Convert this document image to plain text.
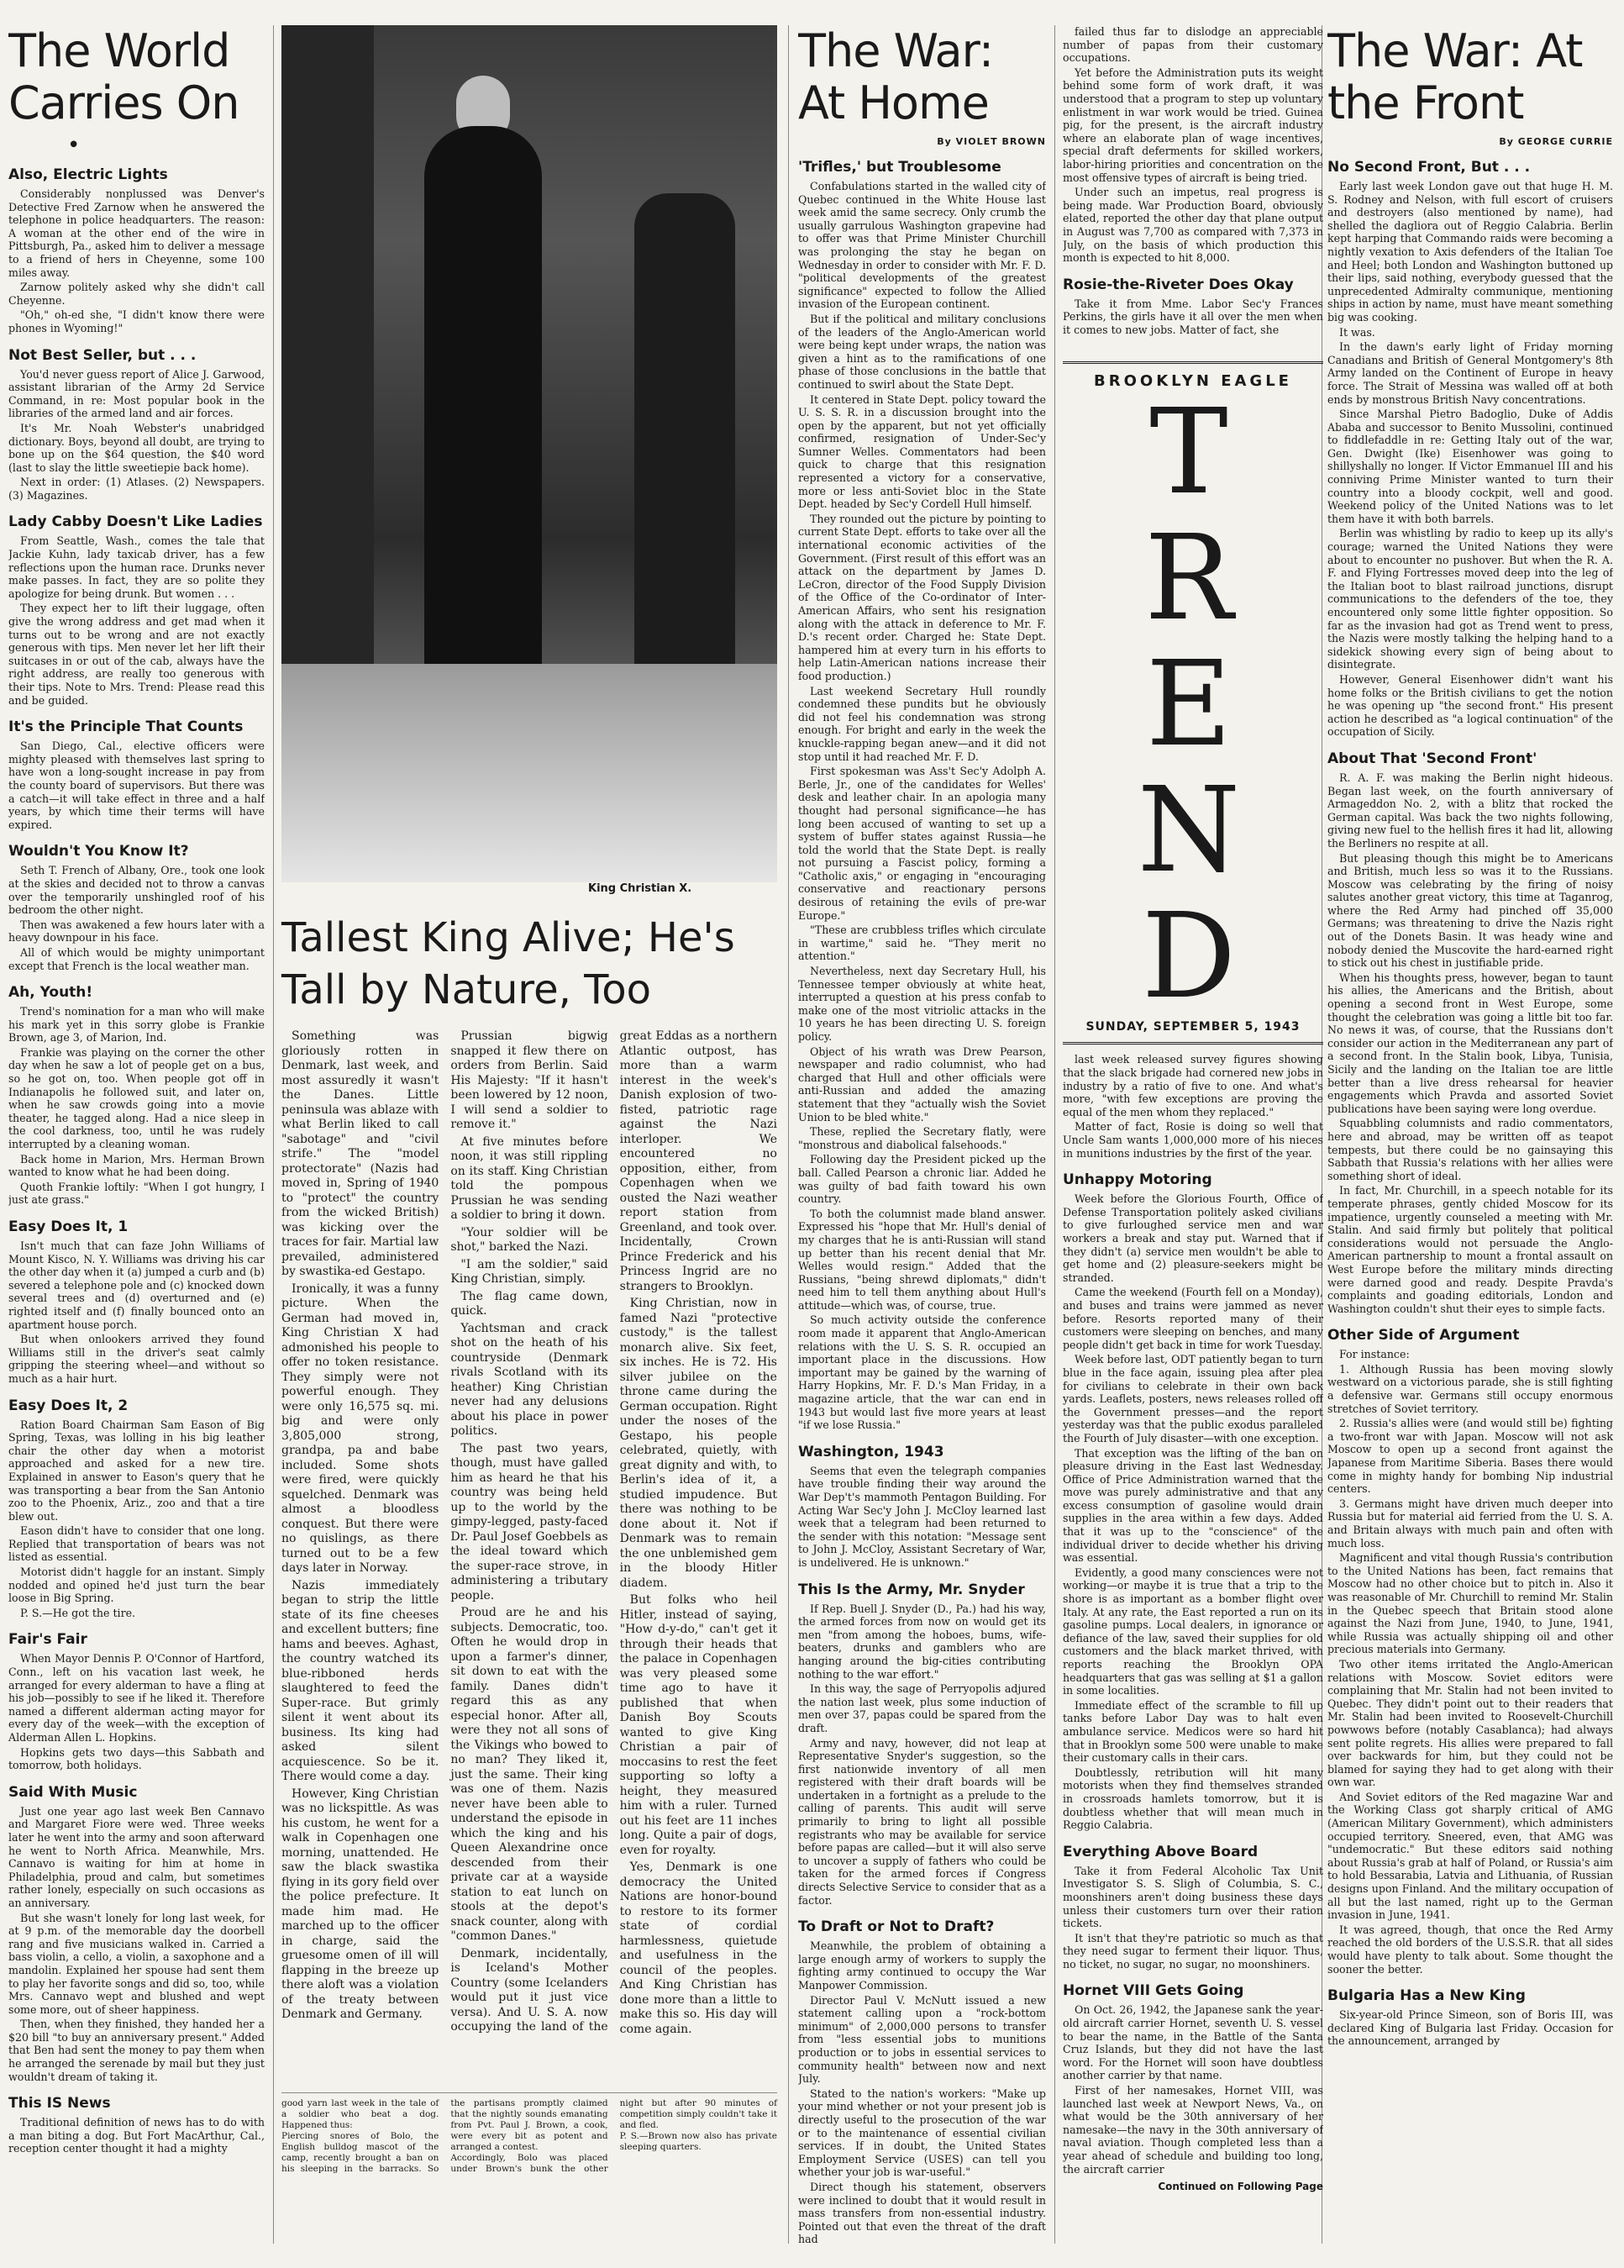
The World Carries On
•
Also, Electric Lights

Considerably nonplussed was Denver's Detective Fred Zarnow when he answered the telephone in police headquarters. The reason: A woman at the other end of the wire in Pittsburgh, Pa., asked him to deliver a message to a friend of hers in Cheyenne, some 100 miles away.

Zarnow politely asked why she didn't call Cheyenne.

"Oh," oh-ed she, "I didn't know there were phones in Wyoming!"

Not Best Seller, but . . .

You'd never guess report of Alice J. Garwood, assistant librarian of the Army 2d Service Command, in re: Most popular book in the libraries of the armed land and air forces.

It's Mr. Noah Webster's unabridged dictionary. Boys, beyond all doubt, are trying to bone up on the $64 question, the $40 word (last to slay the little sweetiepie back home).

Next in order: (1) Atlases. (2) Newspapers. (3) Magazines.

Lady Cabby Doesn't Like Ladies

From Seattle, Wash., comes the tale that Jackie Kuhn, lady taxicab driver, has a few reflections upon the human race. Drunks never make passes. In fact, they are so polite they apologize for being drunk. But women . . .

They expect her to lift their luggage, often give the wrong address and get mad when it turns out to be wrong and are not exactly generous with tips. Men never let her lift their suitcases in or out of the cab, always have the right address, are really too generous with their tips. Note to Mrs. Trend: Please read this and be guided.

It's the Principle That Counts

San Diego, Cal., elective officers were mighty pleased with themselves last spring to have won a long-sought increase in pay from the county board of supervisors. But there was a catch—it will take effect in three and a half years, by which time their terms will have expired.

Wouldn't You Know It?

Seth T. French of Albany, Ore., took one look at the skies and decided not to throw a canvas over the temporarily unshingled roof of his bedroom the other night.

Then was awakened a few hours later with a heavy downpour in his face.

All of which would be mighty unimportant except that French is the local weather man.

Ah, Youth!

Trend's nomination for a man who will make his mark yet in this sorry globe is Frankie Brown, age 3, of Marion, Ind.

Frankie was playing on the corner the other day when he saw a lot of people get on a bus, so he got on, too. When people got off in Indianapolis he followed suit, and later on, when he saw crowds going into a movie theater, he tagged along. Had a nice sleep in the cool darkness, too, until he was rudely interrupted by a cleaning woman.

Back home in Marion, Mrs. Herman Brown wanted to know what he had been doing.

Quoth Frankie loftily: "When I got hungry, I just ate grass."

Easy Does It, 1

Isn't much that can faze John Williams of Mount Kisco, N. Y. Williams was driving his car the other day when it (a) jumped a curb and (b) severed a telephone pole and (c) knocked down several trees and (d) overturned and (e) righted itself and (f) finally bounced onto an apartment house porch.

But when onlookers arrived they found Williams still in the driver's seat calmly gripping the steering wheel—and without so much as a hair hurt.

Easy Does It, 2

Ration Board Chairman Sam Eason of Big Spring, Texas, was lolling in his big leather chair the other day when a motorist approached and asked for a new tire. Explained in answer to Eason's query that he was transporting a bear from the San Antonio zoo to the Phoenix, Ariz., zoo and that a tire blew out.

Eason didn't have to consider that one long. Replied that transportation of bears was not listed as essential.

Motorist didn't haggle for an instant. Simply nodded and opined he'd just turn the bear loose in Big Spring.

P. S.—He got the tire.

Fair's Fair

When Mayor Dennis P. O'Connor of Hartford, Conn., left on his vacation last week, he arranged for every alderman to have a fling at his job—possibly to see if he liked it. Therefore named a different alderman acting mayor for every day of the week—with the exception of Alderman Allen L. Hopkins.

Hopkins gets two days—this Sabbath and tomorrow, both holidays.

Said With Music

Just one year ago last week Ben Cannavo and Margaret Fiore were wed. Three weeks later he went into the army and soon afterward he went to North Africa. Meanwhile, Mrs. Cannavo is waiting for him at home in Philadelphia, proud and calm, but sometimes rather lonely, especially on such occasions as an anniversary.

But she wasn't lonely for long last week, for at 9 p.m. of the memorable day the doorbell rang and five musicians walked in. Carried a bass violin, a cello, a violin, a saxophone and a mandolin. Explained her spouse had sent them to play her favorite songs and did so, too, while Mrs. Cannavo wept and blushed and wept some more, out of sheer happiness.

Then, when they finished, they handed her a $20 bill "to buy an anniversary present." Added that Ben had sent the money to pay them when he arranged the serenade by mail but they just wouldn't dream of taking it.

This IS News

Traditional definition of news has to do with a man biting a dog. But Fort MacArthur, Cal., reception center thought it had a mighty

King Christian X.
Tallest King Alive; He's Tall by Nature, Too

Something was gloriously rotten in Denmark, last week, and most assuredly it wasn't the Danes. Little peninsula was ablaze with what Berlin liked to call "sabotage" and "civil strife." The "model protectorate" (Nazis had moved in, Spring of 1940 to "protect" the country from the wicked British) was kicking over the traces for fair. Martial law prevailed, administered by swastika-ed Gestapo.

Ironically, it was a funny picture. When the German had moved in, King Christian X had admonished his people to offer no token resistance. They simply were not powerful enough. They were only 16,575 sq. mi. big and were only 3,805,000 strong, grandpa, pa and babe included. Some shots were fired, were quickly squelched. Denmark was almost a bloodless conquest. But there were no quislings, as there turned out to be a few days later in Norway.

Nazis immediately began to strip the little state of its fine cheeses and excellent butters; fine hams and beeves. Aghast, the country watched its blue-ribboned herds slaughtered to feed the Super-race. But grimly silent it went about its business. Its king had asked silent acquiescence. So be it. There would come a day.

However, King Christian was no lickspittle. As was his custom, he went for a walk in Copenhagen one morning, unattended. He saw the black swastika flying in its gory field over the police prefecture. It made him mad. He marched up to the officer in charge, said the gruesome omen of ill will flapping in the breeze up there aloft was a violation of the treaty between Denmark and Germany.

Prussian bigwig snapped it flew there on orders from Berlin. Said His Majesty: "If it hasn't been lowered by 12 noon, I will send a soldier to remove it."

At five minutes before noon, it was still rippling on its staff. King Christian told the pompous Prussian he was sending a soldier to bring it down.

"Your soldier will be shot," barked the Nazi.

"I am the soldier," said King Christian, simply.

The flag came down, quick.

Yachtsman and crack shot on the heath of his countryside (Denmark rivals Scotland with its heather) King Christian never had any delusions about his place in power politics.

The past two years, though, must have galled him as heard he that his country was being held up to the world by the gimpy-legged, pasty-faced Dr. Paul Josef Goebbels as the ideal toward which the super-race strove, in administering a tributary people.

Proud are he and his subjects. Democratic, too. Often he would drop in upon a farmer's dinner, sit down to eat with the family. Danes didn't regard this as any especial honor. After all, were they not all sons of the Vikings who bowed to no man? They liked it, just the same. Their king was one of them. Nazis never have been able to understand the episode in which the king and his Queen Alexandrine once descended from their private car at a wayside station to eat lunch on stools at the depot's snack counter, along with "common Danes."

Denmark, incidentally, is Iceland's Mother Country (some Icelanders would put it just vice versa). And U. S. A. now occupying the land of the great Eddas as a northern Atlantic outpost, has more than a warm interest in the week's Danish explosion of two-fisted, patriotic rage against the Nazi interloper. We encountered no opposition, either, from Copenhagen when we ousted the Nazi weather report station from Greenland, and took over. Incidentally, Crown Prince Frederick and his Princess Ingrid are no strangers to Brooklyn.

King Christian, now in famed Nazi "protective custody," is the tallest monarch alive. Six feet, six inches. He is 72. His silver jubilee on the throne came during the German occupation. Right under the noses of the Gestapo, his people celebrated, quietly, with great dignity and with, to Berlin's idea of it, a studied impudence. But there was nothing to be done about it. Not if Denmark was to remain the one unblemished gem in the bloody Hitler diadem.

But folks who heil Hitler, instead of saying, "How d-y-do," can't get it through their heads that the palace in Copenhagen was very pleased some time ago to have it published that when Danish Boy Scouts wanted to give King Christian a pair of moccasins to rest the feet supporting so lofty a height, they measured him with a ruler. Turned out his feet are 11 inches long. Quite a pair of dogs, even for royalty.

Yes, Denmark is one democracy the United Nations are honor-bound to restore to its former state of cordial harmlessness, quietude and usefulness in the council of the peoples. And King Christian has done more than a little to make this so. His day will come again.

good yarn last week in the tale of a soldier who beat a dog. Happened thus:

Piercing snores of Bolo, the English bulldog mascot of the camp, recently brought a ban on his sleeping in the barracks. So the partisans promptly claimed that the nightly sounds emanating from Pvt. Paul J. Brown, a cook, were every bit as potent and arranged a contest.

Accordingly, Bolo was placed under Brown's bunk the other night but after 90 minutes of competition simply couldn't take it and fled.

P. S.—Brown now also has private sleeping quarters.

The War: At Home
By VIOLET BROWN
'Trifles,' but Troublesome

Confabulations started in the walled city of Quebec continued in the White House last week amid the same secrecy. Only crumb the usually garrulous Washington grapevine had to offer was that Prime Minister Churchill was prolonging the stay he began on Wednesday in order to consider with Mr. F. D. "political developments of the greatest significance" expected to follow the Allied invasion of the European continent.

But if the political and military conclusions of the leaders of the Anglo-American world were being kept under wraps, the nation was given a hint as to the ramifications of one phase of those conclusions in the battle that continued to swirl about the State Dept.

It centered in State Dept. policy toward the U. S. S. R. in a discussion brought into the open by the apparent, but not yet officially confirmed, resignation of Under-Sec'y Sumner Welles. Commentators had been quick to charge that this resignation represented a victory for a conservative, more or less anti-Soviet bloc in the State Dept. headed by Sec'y Cordell Hull himself.

They rounded out the picture by pointing to current State Dept. efforts to take over all the international economic activities of the Government. (First result of this effort was an attack on the department by James D. LeCron, director of the Food Supply Division of the Office of the Co-ordinator of Inter-American Affairs, who sent his resignation along with the attack in deference to Mr. F. D.'s recent order. Charged he: State Dept. hampered him at every turn in his efforts to help Latin-American nations increase their food production.)

Last weekend Secretary Hull roundly condemned these pundits but he obviously did not feel his condemnation was strong enough. For bright and early in the week the knuckle-rapping began anew—and it did not stop until it had reached Mr. F. D.

First spokesman was Ass't Sec'y Adolph A. Berle, Jr., one of the candidates for Welles' desk and leather chair. In an apologia many thought had personal significance—he has long been accused of wanting to set up a system of buffer states against Russia—he told the world that the State Dept. is really not pursuing a Fascist policy, forming a "Catholic axis," or engaging in "encouraging conservative and reactionary persons desirous of retaining the evils of pre-war Europe."

"These are crubbless trifles which circulate in wartime," said he. "They merit no attention."

Nevertheless, next day Secretary Hull, his Tennessee temper obviously at white heat, interrupted a question at his press confab to make one of the most vitriolic attacks in the 10 years he has been directing U. S. foreign policy.

Object of his wrath was Drew Pearson, newspaper and radio columnist, who had charged that Hull and other officials were anti-Russian and added the amazing statement that they "actually wish the Soviet Union to be bled white."

These, replied the Secretary flatly, were "monstrous and diabolical falsehoods."

Following day the President picked up the ball. Called Pearson a chronic liar. Added he was guilty of bad faith toward his own country.

To both the columnist made bland answer. Expressed his "hope that Mr. Hull's denial of my charges that he is anti-Russian will stand up better than his recent denial that Mr. Welles would resign." Added that the Russians, "being shrewd diplomats," didn't need him to tell them anything about Hull's attitude—which was, of course, true.

So much activity outside the conference room made it apparent that Anglo-American relations with the U. S. S. R. occupied an important place in the discussions. How important may be gained by the warning of Harry Hopkins, Mr. F. D.'s Man Friday, in a magazine article, that the war can end in 1943 but would last five more years at least "if we lose Russia."

Washington, 1943

Seems that even the telegraph companies have trouble finding their way around the War Dep't's mammoth Pentagon Building. For Acting War Sec'y John J. McCloy learned last week that a telegram had been returned to the sender with this notation: "Message sent to John J. McCloy, Assistant Secretary of War, is undelivered. He is unknown."

This Is the Army, Mr. Snyder

If Rep. Buell J. Snyder (D., Pa.) had his way, the armed forces from now on would get its men "from among the hoboes, bums, wife-beaters, drunks and gamblers who are hanging around the big-cities contributing nothing to the war effort."

In this way, the sage of Perryopolis adjured the nation last week, plus some induction of men over 37, papas could be spared from the draft.

Army and navy, however, did not leap at Representative Snyder's suggestion, so the first nationwide inventory of all men registered with their draft boards will be undertaken in a fortnight as a prelude to the calling of parents. This audit will serve primarily to bring to light all possible registrants who may be available for service before papas are called—but it will also serve to uncover a supply of fathers who could be taken for the armed forces if Congress directs Selective Service to consider that as a factor.

To Draft or Not to Draft?

Meanwhile, the problem of obtaining a large enough army of workers to supply the fighting army continued to occupy the War Manpower Commission.

Director Paul V. McNutt issued a new statement calling upon a "rock-bottom minimum" of 2,000,000 persons to transfer from "less essential jobs to munitions production or to jobs in essential services to community health" between now and next July.

Stated to the nation's workers: "Make up your mind whether or not your present job is directly useful to the prosecution of the war or to the maintenance of essential civilian services. If in doubt, the United States Employment Service (USES) can tell you whether your job is war-useful."

Direct though his statement, observers were inclined to doubt that it would result in mass transfers from non-essential industry. Pointed out that even the threat of the draft had

failed thus far to dislodge an appreciable number of papas from their customary occupations.

Yet before the Administration puts its weight behind some form of work draft, it was understood that a program to step up voluntary enlistment in war work would be tried. Guinea pig, for the present, is the aircraft industry where an elaborate plan of wage incentives, special draft deferments for skilled workers, labor-hiring priorities and concentration on the most offensive types of aircraft is being tried.

Under such an impetus, real progress is being made. War Production Board, obviously elated, reported the other day that plane output in August was 7,700 as compared with 7,373 in July, on the basis of which production this month is expected to hit 8,000.

Rosie-the-Riveter Does Okay

Take it from Mme. Labor Sec'y Frances Perkins, the girls have it all over the men when it comes to new jobs. Matter of fact, she

BROOKLYN EAGLE
T
R
E
N
D
SUNDAY, SEPTEMBER 5, 1943

last week released survey figures showing that the slack brigade had cornered new jobs in industry by a ratio of five to one. And what's more, "with few exceptions are proving the equal of the men whom they replaced."

Matter of fact, Rosie is doing so well that Uncle Sam wants 1,000,000 more of his nieces in munitions industries by the first of the year.

Unhappy Motoring

Week before the Glorious Fourth, Office of Defense Transportation politely asked civilians to give furloughed service men and war workers a break and stay put. Warned that if they didn't (a) service men wouldn't be able to get home and (2) pleasure-seekers might be stranded.

Came the weekend (Fourth fell on a Monday), and buses and trains were jammed as never before. Resorts reported many of their customers were sleeping on benches, and many people didn't get back in time for work Tuesday.

Week before last, ODT patiently began to turn blue in the face again, issuing plea after plea for civilians to celebrate in their own back yards. Leaflets, posters, news releases rolled off the Government presses—and the report yesterday was that the public exodus paralleled the Fourth of July disaster—with one exception.

That exception was the lifting of the ban on pleasure driving in the East last Wednesday. Office of Price Administration warned that the move was purely administrative and that any excess consumption of gasoline would drain supplies in the area within a few days. Added that it was up to the "conscience" of the individual driver to decide whether his driving was essential.

Evidently, a good many consciences were not working—or maybe it is true that a trip to the shore is as important as a bomber flight over Italy. At any rate, the East reported a run on its gasoline pumps. Local dealers, in ignorance or defiance of the law, saved their supplies for old customers and the black market thrived, with reports reaching the Brooklyn OPA headquarters that gas was selling at $1 a gallon in some localities.

Immediate effect of the scramble to fill up tanks before Labor Day was to halt even ambulance service. Medicos were so hard hit that in Brooklyn some 500 were unable to make their customary calls in their cars.

Doubtlessly, retribution will hit many motorists when they find themselves stranded in crossroads hamlets tomorrow, but it is doubtless whether that will mean much in Reggio Calabria.

Everything Above Board

Take it from Federal Alcoholic Tax Unit Investigator S. S. Sligh of Columbia, S. C., moonshiners aren't doing business these days unless their customers turn over their ration tickets.

It isn't that they're patriotic so much as that they need sugar to ferment their liquor. Thus, no ticket, no sugar, no sugar, no moonshiners.

Hornet VIII Gets Going

On Oct. 26, 1942, the Japanese sank the year-old aircraft carrier Hornet, seventh U. S. vessel to bear the name, in the Battle of the Santa Cruz Islands, but they did not have the last word. For the Hornet will soon have doubtless another carrier by that name.

First of her namesakes, Hornet VIII, was launched last week at Newport News, Va., on what would be the 30th anniversary of her namesake—the navy in the 30th anniversary of naval aviation. Though completed less than a year ahead of schedule and building too long, the aircraft carrier

Continued on Following Page
The War: At the Front
By GEORGE CURRIE
No Second Front, But . . .

Early last week London gave out that huge H. M. S. Rodney and Nelson, with full escort of cruisers and destroyers (also mentioned by name), had shelled the dagliora out of Reggio Calabria. Berlin kept harping that Commando raids were becoming a nightly vexation to Axis defenders of the Italian Toe and Heel; both London and Washington buttoned up their lips, said nothing, everybody guessed that the unprecedented Admiralty communique, mentioning ships in action by name, must have meant something big was cooking.

It was.

In the dawn's early light of Friday morning Canadians and British of General Montgomery's 8th Army landed on the Continent of Europe in heavy force. The Strait of Messina was walled off at both ends by monstrous British Navy concentrations.

Since Marshal Pietro Badoglio, Duke of Addis Ababa and successor to Benito Mussolini, continued to fiddlefaddle in re: Getting Italy out of the war, Gen. Dwight (Ike) Eisenhower was going to shillyshally no longer. If Victor Emmanuel III and his conniving Prime Minister wanted to turn their country into a bloody cockpit, well and good. Weekend policy of the United Nations was to let them have it with both barrels.

Berlin was whistling by radio to keep up its ally's courage; warned the United Nations they were about to encounter no pushover. But when the R. A. F. and Flying Fortresses moved deep into the leg of the Italian boot to blast railroad junctions, disrupt communications to the defenders of the toe, they encountered only some little fighter opposition. So far as the invasion had got as Trend went to press, the Nazis were mostly talking the helping hand to a sidekick showing every sign of being about to disintegrate.

However, General Eisenhower didn't want his home folks or the British civilians to get the notion he was opening up "the second front." His present action he described as "a logical continuation" of the occupation of Sicily.

About That 'Second Front'

R. A. F. was making the Berlin night hideous. Began last week, on the fourth anniversary of Armageddon No. 2, with a blitz that rocked the German capital. Was back the two nights following, giving new fuel to the hellish fires it had lit, allowing the Berliners no respite at all.

But pleasing though this might be to Americans and British, much less so was it to the Russians. Moscow was celebrating by the firing of noisy salutes another great victory, this time at Taganrog, where the Red Army had pinched off 35,000 Germans; was threatening to drive the Nazis right out of the Donets Basin. It was heady wine and nobody denied the Muscovite the hard-earned right to stick out his chest in justifiable pride.

When his thoughts press, however, began to taunt his allies, the Americans and the British, about opening a second front in West Europe, some thought the celebration was going a little bit too far. No news it was, of course, that the Russians don't consider our action in the Mediterranean any part of a second front. In the Stalin book, Libya, Tunisia, Sicily and the landing on the Italian toe are little better than a live dress rehearsal for heavier engagements which Pravda and assorted Soviet publications have been saying were long overdue.

Squabbling columnists and radio commentators, here and abroad, may be written off as teapot tempests, but there could be no gainsaying this Sabbath that Russia's relations with her allies were something short of ideal.

In fact, Mr. Churchill, in a speech notable for its temperate phrases, gently chided Moscow for its impatience, urgently counseled a meeting with Mr. Stalin. And said firmly but politely that political considerations would not persuade the Anglo-American partnership to mount a frontal assault on West Europe before the military minds directing were darned good and ready. Despite Pravda's complaints and goading editorials, London and Washington couldn't shut their eyes to simple facts.

Other Side of Argument

For instance:

1. Although Russia has been moving slowly westward on a victorious parade, she is still fighting a defensive war. Germans still occupy enormous stretches of Soviet territory.

2. Russia's allies were (and would still be) fighting a two-front war with Japan. Moscow will not ask Moscow to open up a second front against the Japanese from Maritime Siberia. Bases there would come in mighty handy for bombing Nip industrial centers.

3. Germans might have driven much deeper into Russia but for material aid ferried from the U. S. A. and Britain always with much pain and often with much loss.

Magnificent and vital though Russia's contribution to the United Nations has been, fact remains that Moscow had no other choice but to pitch in. Also it was reasonable of Mr. Churchill to remind Mr. Stalin in the Quebec speech that Britain stood alone against the Nazi from June, 1940, to June, 1941, while Russia was actually shipping oil and other precious materials into Germany.

Two other items irritated the Anglo-American relations with Moscow. Soviet editors were complaining that Mr. Stalin had not been invited to Quebec. They didn't point out to their readers that Mr. Stalin had been invited to Roosevelt-Churchill powwows before (notably Casablanca); had always sent polite regrets. His allies were prepared to fall over backwards for him, but they could not be blamed for saying they had to get along with their own war.

And Soviet editors of the Red magazine War and the Working Class got sharply critical of AMG (American Military Government), which administers occupied territory. Sneered, even, that AMG was "undemocratic." But these editors said nothing about Russia's grab at half of Poland, or Russia's aim to hold Bessarabia, Latvia and Lithuania, of Russian designs upon Finland. And the military occupation of all but the last named, right up to the German invasion in June, 1941.

It was agreed, though, that once the Red Army reached the old borders of the U.S.S.R. that all sides would have plenty to talk about. Some thought the sooner the better.

Bulgaria Has a New King

Six-year-old Prince Simeon, son of Boris III, was declared King of Bulgaria last Friday. Occasion for the announcement, arranged by
